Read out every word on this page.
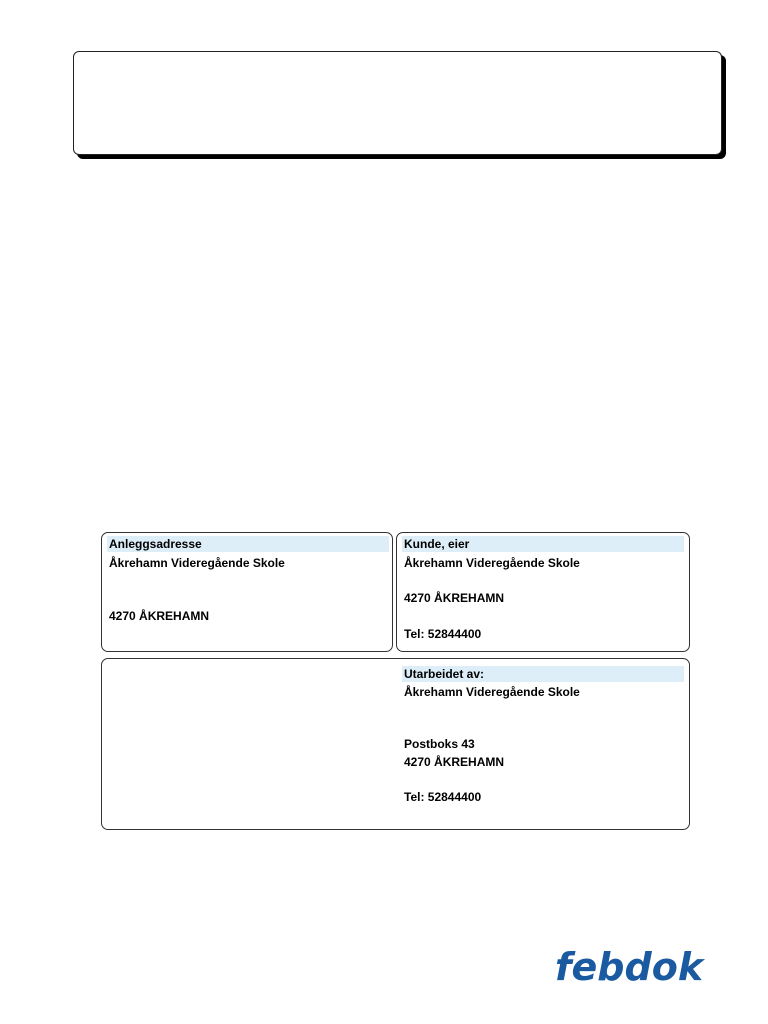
Anleggsadresse
Åkrehamn Videregående Skole
4270 ÅKREHAMN
Kunde, eier
Åkrehamn Videregående Skole
4270 ÅKREHAMN
Tel: 52844400
Utarbeidet av:
Åkrehamn Videregående Skole
Postboks 43
4270 ÅKREHAMN
Tel: 52844400
febdok
